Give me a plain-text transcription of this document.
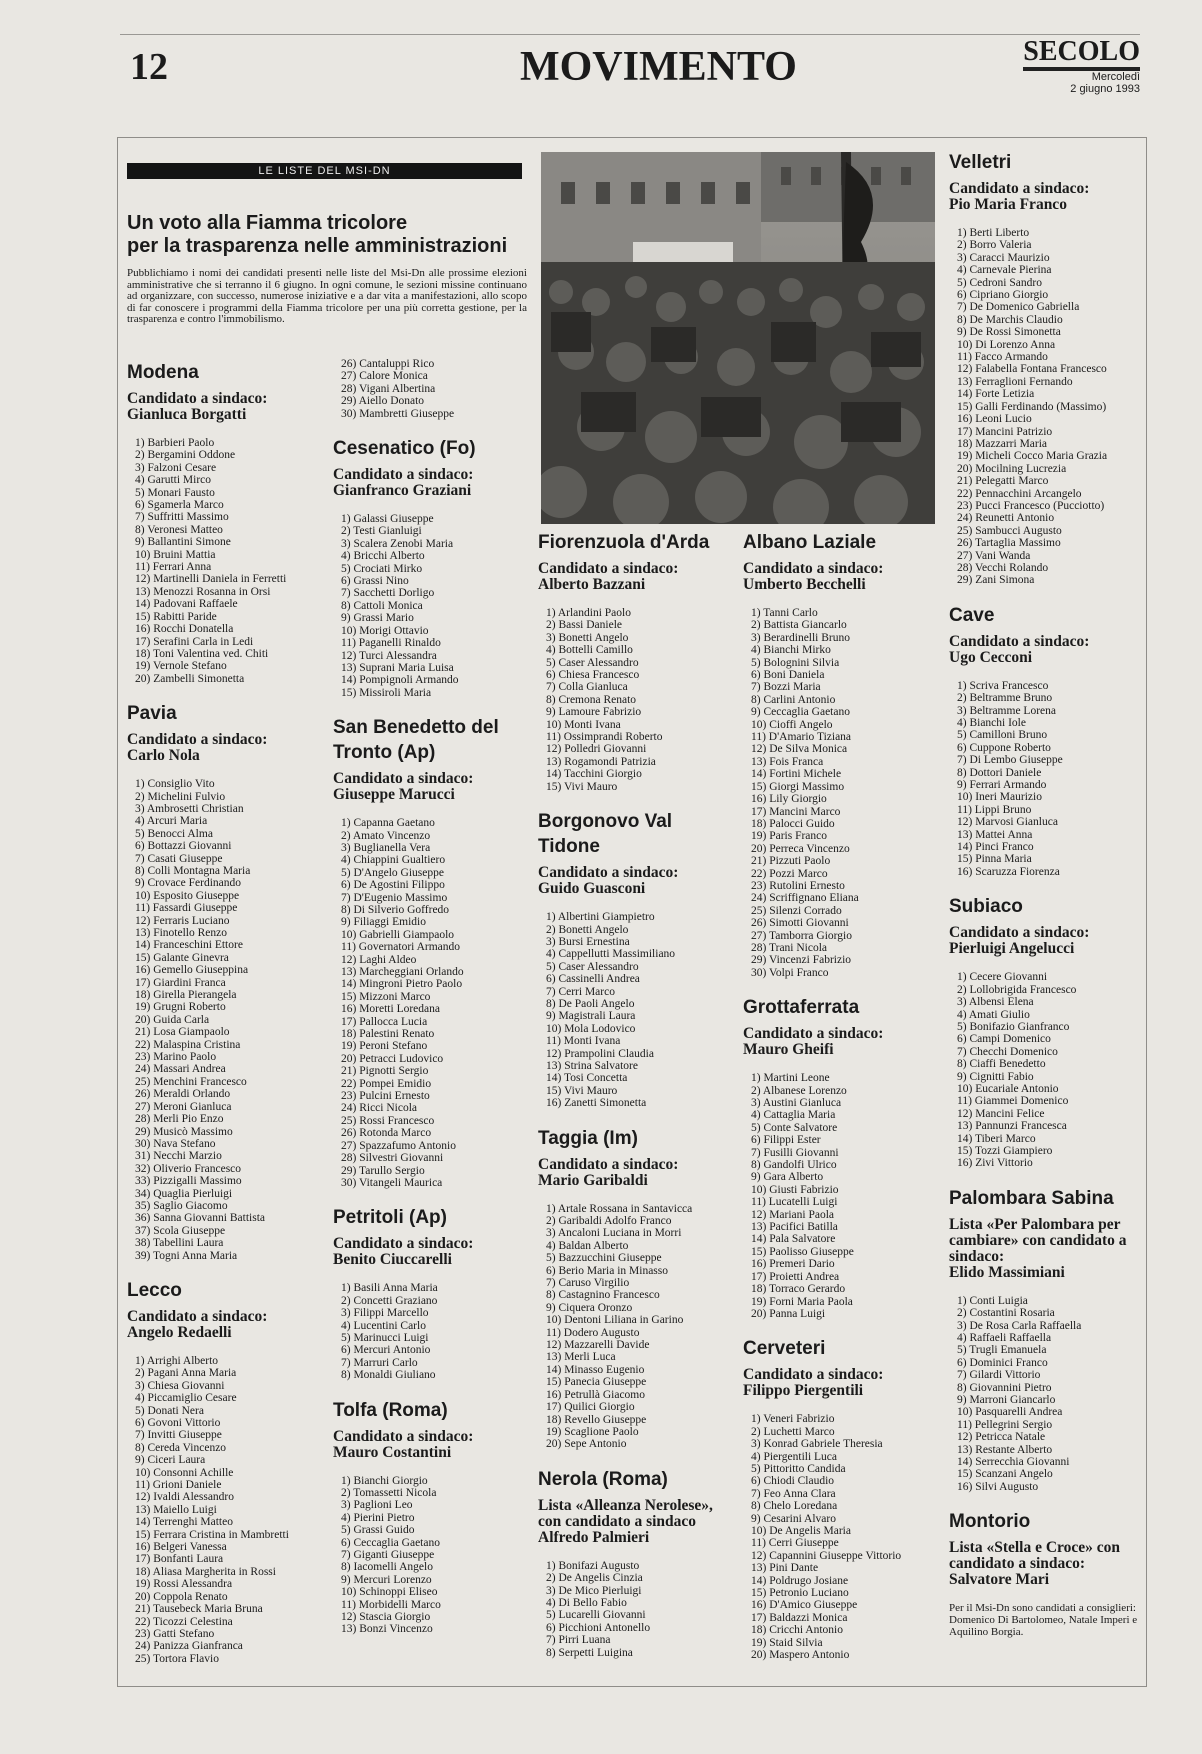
12	MOVIMENTO	SECOLO
Mercoledì
2 giugno 1993
LE LISTE DEL MSI-DN
Un voto alla Fiamma tricolore
per la trasparenza nelle amministrazioni
Pubblichiamo i nomi dei candidati presenti nelle liste del Msi-Dn alle prossime elezioni amministrative che si terranno il 6 giugno. In ogni comune, le sezioni missine continuano ad organizzare, con successo, numerose iniziative e a dar vita a manifestazioni, allo scopo di far conoscere i programmi della Fiamma tricolore per una più corretta gestione, per la trasparenza e contro l'immobilismo.
Modena
Candidato a sindaco:
Gianluca Borgatti
1) Barbieri Paolo
2) Bergamini Oddone
3) Falzoni Cesare
4) Garutti Mirco
5) Monari Fausto
6) Sgamerla Marco
7) Suffritti Massimo
8) Veronesi Matteo
9) Ballantini Simone
10) Bruini Mattia
11) Ferrari Anna
12) Martinelli Daniela in Ferretti
13) Menozzi Rosanna in Orsi
14) Padovani Raffaele
15) Rabitti Paride
16) Rocchi Donatella
17) Serafini Carla in Ledi
18) Toni Valentina ved. Chiti
19) Vernole Stefano
20) Zambelli Simonetta
Pavia
Candidato a sindaco:
Carlo Nola
1) Consiglio Vito
2) Michelini Fulvio
3) Ambrosetti Christian
4) Arcuri Maria
5) Benocci Alma
6) Bottazzi Giovanni
7) Casati Giuseppe
8) Colli Montagna Maria
9) Crovace Ferdinando
10) Esposito Giuseppe
11) Fassardi Giuseppe
12) Ferraris Luciano
13) Finotello Renzo
14) Franceschini Ettore
15) Galante Ginevra
16) Gemello Giuseppina
17) Giardini Franca
18) Girella Pierangela
19) Grugni Roberto
20) Guida Carla
21) Losa Giampaolo
22) Malaspina Cristina
23) Marino Paolo
24) Massari Andrea
25) Menchini Francesco
26) Meraldi Orlando
27) Meroni Gianluca
28) Merli Pio Enzo
29) Musicò Massimo
30) Nava Stefano
31) Necchi Marzio
32) Oliverio Francesco
33) Pizzigalli Massimo
34) Quaglia Pierluigi
35) Saglio Giacomo
36) Sanna Giovanni Battista
37) Scola Giuseppe
38) Tabellini Laura
39) Togni Anna Maria
Lecco
Candidato a sindaco:
Angelo Redaelli
1) Arrighi Alberto
2) Pagani Anna Maria
3) Chiesa Giovanni
4) Piccamiglio Cesare
5) Donati Nera
6) Govoni Vittorio
7) Invitti Giuseppe
8) Cereda Vincenzo
9) Ciceri Laura
10) Consonni Achille
11) Grioni Daniele
12) Ivaldi Alessandro
13) Maiello Luigi
14) Terrenghi Matteo
15) Ferrara Cristina in Mambretti
16) Belgeri Vanessa
17) Bonfanti Laura
18) Aliasa Margherita in Rossi
19) Rossi Alessandra
20) Coppola Renato
21) Tausebeck Maria Bruna
22) Ticozzi Celestina
23) Gatti Stefano
24) Panizza Gianfranca
25) Tortora Flavio
26) Cantaluppi Rico
27) Calore Monica
28) Vigani Albertina
29) Aiello Donato
30) Mambretti Giuseppe
Cesenatico (Fo)
Candidato a sindaco:
Gianfranco Graziani
1) Galassi Giuseppe
2) Testi Gianluigi
3) Scalera Zenobi Maria
4) Bricchi Alberto
5) Crociati Mirko
6) Grassi Nino
7) Sacchetti Dorligo
8) Cattoli Monica
9) Grassi Mario
10) Morigi Ottavio
11) Paganelli Rinaldo
12) Turci Alessandra
13) Suprani Maria Luisa
14) Pompignoli Armando
15) Missiroli Maria
San Benedetto del Tronto (Ap)
Candidato a sindaco:
Giuseppe Marucci
1) Capanna Gaetano
2) Amato Vincenzo
3) Buglianella Vera
4) Chiappini Gualtiero
5) D'Angelo Giuseppe
6) De Agostini Filippo
7) D'Eugenio Massimo
8) Di Silverio Goffredo
9) Filiaggi Emidio
10) Gabrielli Giampaolo
11) Governatori Armando
12) Laghi Aldeo
13) Marcheggiani Orlando
14) Mingroni Pietro Paolo
15) Mizzoni Marco
16) Moretti Loredana
17) Pallocca Lucia
18) Palestini Renato
19) Peroni Stefano
20) Petracci Ludovico
21) Pignotti Sergio
22) Pompei Emidio
23) Pulcini Ernesto
24) Ricci Nicola
25) Rossi Francesco
26) Rotonda Marco
27) Spazzafumo Antonio
28) Silvestri Giovanni
29) Tarullo Sergio
30) Vitangeli Maurica
Petritoli (Ap)
Candidato a sindaco:
Benito Ciuccarelli
1) Basili Anna Maria
2) Concetti Graziano
3) Filippi Marcello
4) Lucentini Carlo
5) Marinucci Luigi
6) Mercuri Antonio
7) Marruri Carlo
8) Monaldi Giuliano
Tolfa (Roma)
Candidato a sindaco:
Mauro Costantini
1) Bianchi Giorgio
2) Tomassetti Nicola
3) Paglioni Leo
4) Pierini Pietro
5) Grassi Guido
6) Ceccaglia Gaetano
7) Giganti Giuseppe
8) Iacomelli Angelo
9) Mercuri Lorenzo
10) Schinoppi Eliseo
11) Morbidelli Marco
12) Stascia Giorgio
13) Bonzi Vincenzo
Fiorenzuola d'Arda
Candidato a sindaco:
Alberto Bazzani
1) Arlandini Paolo
2) Bassi Daniele
3) Bonetti Angelo
4) Bottelli Camillo
5) Caser Alessandro
6) Chiesa Francesco
7) Colla Gianluca
8) Cremona Renato
9) Lamoure Fabrizio
10) Monti Ivana
11) Ossimprandi Roberto
12) Polledri Giovanni
13) Rogamondi Patrizia
14) Tacchini Giorgio
15) Vivi Mauro
Borgonovo Val Tidone
Candidato a sindaco:
Guido Guasconi
1) Albertini Giampietro
2) Bonetti Angelo
3) Bursi Ernestina
4) Cappellutti Massimiliano
5) Caser Alessandro
6) Cassinelli Andrea
7) Cerri Marco
8) De Paoli Angelo
9) Magistrali Laura
10) Mola Lodovico
11) Monti Ivana
12) Prampolini Claudia
13) Strina Salvatore
14) Tosi Concetta
15) Vivi Mauro
16) Zanetti Simonetta
Taggia (Im)
Candidato a sindaco:
Mario Garibaldi
1) Artale Rossana in Santavicca
2) Garibaldi Adolfo Franco
3) Ancaloni Luciana in Morri
4) Baldan Alberto
5) Bazzucchini Giuseppe
6) Berio Maria in Minasso
7) Caruso Virgilio
8) Castagnino Francesco
9) Ciquera Oronzo
10) Dentoni Liliana in Garino
11) Dodero Augusto
12) Mazzarelli Davide
13) Merli Luca
14) Minasso Eugenio
15) Panecia Giuseppe
16) Petrullà Giacomo
17) Quilici Giorgio
18) Revello Giuseppe
19) Scaglione Paolo
20) Sepe Antonio
Nerola (Roma)
Lista «Alleanza Nerolese», con candidato a sindaco Alfredo Palmieri
1) Bonifazi Augusto
2) De Angelis Cinzia
3) De Mico Pierluigi
4) Di Bello Fabio
5) Lucarelli Giovanni
6) Picchioni Antonello
7) Pirri Luana
8) Serpetti Luigina
Albano Laziale
Candidato a sindaco:
Umberto Becchelli
1) Tanni Carlo
2) Battista Giancarlo
3) Berardinelli Bruno
4) Bianchi Mirko
5) Bolognini Silvia
6) Boni Daniela
7) Bozzi Maria
8) Carlini Antonio
9) Ceccaglia Gaetano
10) Cioffi Angelo
11) D'Amario Tiziana
12) De Silva Monica
13) Fois Franca
14) Fortini Michele
15) Giorgi Massimo
16) Lily Giorgio
17) Mancini Marco
18) Palocci Guido
19) Paris Franco
20) Perreca Vincenzo
21) Pizzuti Paolo
22) Pozzi Marco
23) Rutolini Ernesto
24) Scriffignano Eliana
25) Silenzi Corrado
26) Simotti Giovanni
27) Tamborra Giorgio
28) Trani Nicola
29) Vincenzi Fabrizio
30) Volpi Franco
Grottaferrata
Candidato a sindaco:
Mauro Gheifi
1) Martini Leone
2) Albanese Lorenzo
3) Austini Gianluca
4) Cattaglia Maria
5) Conte Salvatore
6) Filippi Ester
7) Fusilli Giovanni
8) Gandolfi Ulrico
9) Gara Alberto
10) Giusti Fabrizio
11) Lucatelli Luigi
12) Mariani Paola
13) Pacifici Batilla
14) Pala Salvatore
15) Paolisso Giuseppe
16) Premeri Dario
17) Proietti Andrea
18) Torraco Gerardo
19) Forni Maria Paola
20) Panna Luigi
Cerveteri
Candidato a sindaco:
Filippo Piergentili
1) Veneri Fabrizio
2) Luchetti Marco
3) Konrad Gabriele Theresia
4) Piergentili Luca
5) Pittoritto Candida
6) Chiodi Claudio
7) Feo Anna Clara
8) Chelo Loredana
9) Cesarini Alvaro
10) De Angelis Maria
11) Cerri Giuseppe
12) Capannini Giuseppe Vittorio
13) Pini Dante
14) Poldrugo Josiane
15) Petronio Luciano
16) D'Amico Giuseppe
17) Baldazzi Monica
18) Cricchi Antonio
19) Staid Silvia
20) Maspero Antonio
Velletri
Candidato a sindaco:
Pio Maria Franco
1) Berti Liberto
2) Borro Valeria
3) Caracci Maurizio
4) Carnevale Pierina
5) Cedroni Sandro
6) Cipriano Giorgio
7) De Domenico Gabriella
8) De Marchis Claudio
9) De Rossi Simonetta
10) Di Lorenzo Anna
11) Facco Armando
12) Falabella Fontana Francesco
13) Ferraglioni Fernando
14) Forte Letizia
15) Galli Ferdinando (Massimo)
16) Leoni Lucio
17) Mancini Patrizio
18) Mazzarri Maria
19) Micheli Cocco Maria Grazia
20) Mocilning Lucrezia
21) Pelegatti Marco
22) Pennacchini Arcangelo
23) Pucci Francesco (Pucciotto)
24) Reunetti Antonio
25) Sambucci Augusto
26) Tartaglia Massimo
27) Vani Wanda
28) Vecchi Rolando
29) Zani Simona
Cave
Candidato a sindaco:
Ugo Cecconi
1) Scriva Francesco
2) Beltramme Bruno
3) Beltramme Lorena
4) Bianchi Iole
5) Camilloni Bruno
6) Cuppone Roberto
7) Di Lembo Giuseppe
8) Dottori Daniele
9) Ferrari Armando
10) Ineri Maurizio
11) Lippi Bruno
12) Marvosi Gianluca
13) Mattei Anna
14) Pinci Franco
15) Pinna Maria
16) Scaruzza Fiorenza
Subiaco
Candidato a sindaco:
Pierluigi Angelucci
1) Cecere Giovanni
2) Lollobrigida Francesco
3) Albensi Elena
4) Amati Giulio
5) Bonifazio Gianfranco
6) Campi Domenico
7) Checchi Domenico
8) Ciaffi Benedetto
9) Cignitti Fabio
10) Eucariale Antonio
11) Giammei Domenico
12) Mancini Felice
13) Pannunzi Francesca
14) Tiberi Marco
15) Tozzi Giampiero
16) Zivi Vittorio
Palombara Sabina
Lista «Per Palombara per cambiare» con candidato a sindaco:
Elido Massimiani
1) Conti Luigia
2) Costantini Rosaria
3) De Rosa Carla Raffaella
4) Raffaeli Raffaella
5) Trugli Emanuela
6) Dominici Franco
7) Gilardi Vittorio
8) Giovannini Pietro
9) Marroni Giancarlo
10) Pasquarelli Andrea
11) Pellegrini Sergio
12) Petricca Natale
13) Restante Alberto
14) Serrecchia Giovanni
15) Scanzani Angelo
16) Silvi Augusto
Montorio
Lista «Stella e Croce» con candidato a sindaco:
Salvatore Mari
Per il Msi-Dn sono candidati a consiglieri: Domenico Di Bartolomeo, Natale Imperi e Aquilino Borgia.
